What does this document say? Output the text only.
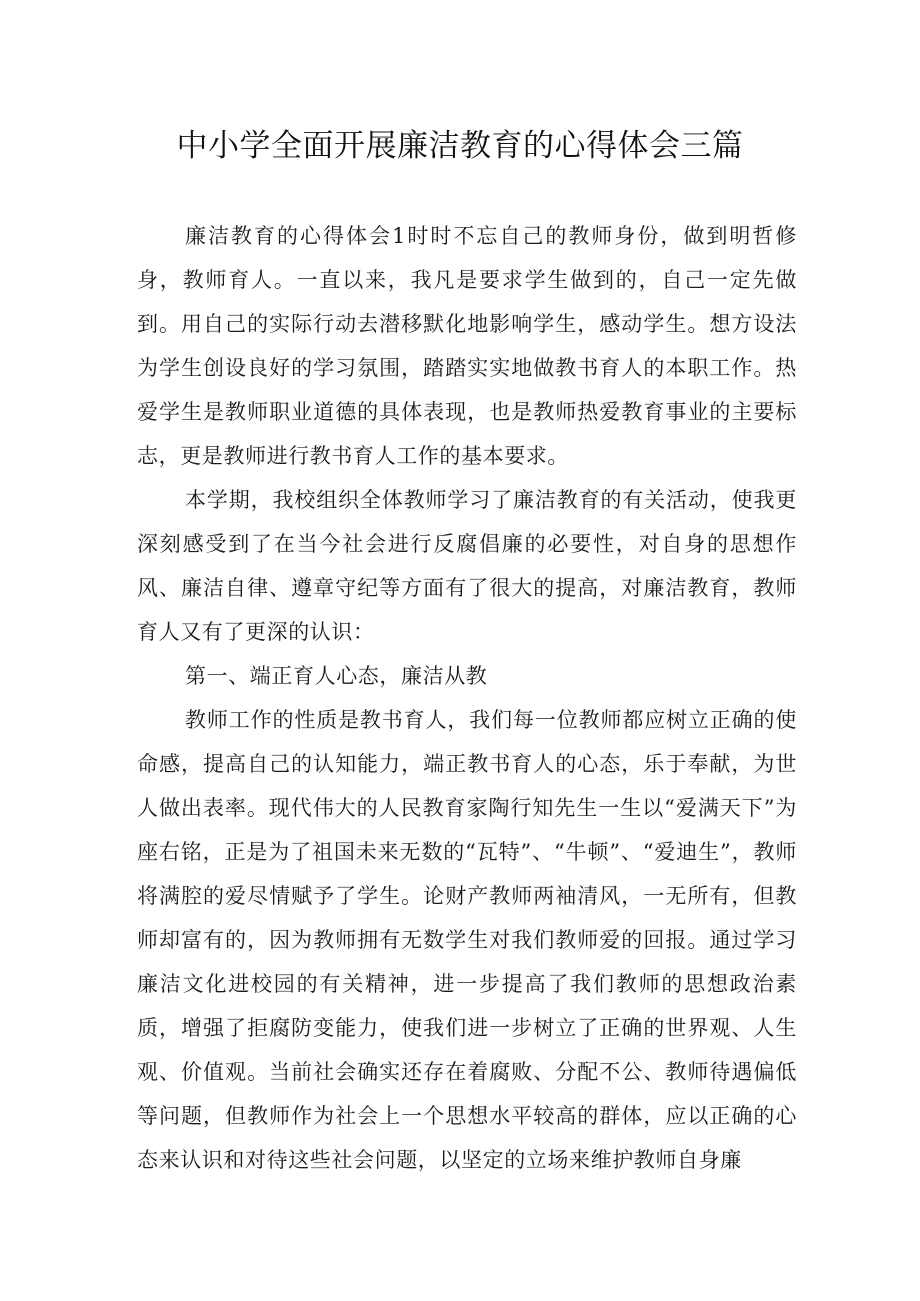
中小学全面开展廉洁教育的心得体会三篇

廉洁教育的心得体会1时时不忘自己的教师身份，做到明哲修身，教师育人。一直以来，我凡是要求学生做到的，自己一定先做到。用自己的实际行动去潜移默化地影响学生，感动学生。想方设法为学生创设良好的学习氛围，踏踏实实地做教书育人的本职工作。热爱学生是教师职业道德的具体表现，也是教师热爱教育事业的主要标志，更是教师进行教书育人工作的基本要求。

本学期，我校组织全体教师学习了廉洁教育的有关活动，使我更深刻感受到了在当今社会进行反腐倡廉的必要性，对自身的思想作风、廉洁自律、遵章守纪等方面有了很大的提高，对廉洁教育，教师育人又有了更深的认识：

第一、端正育人心态，廉洁从教

教师工作的性质是教书育人，我们每一位教师都应树立正确的使命感，提高自己的认知能力，端正教书育人的心态，乐于奉献，为世人做出表率。现代伟大的人民教育家陶行知先生一生以“爱满天下”为座右铭，正是为了祖国未来无数的“瓦特”、“牛顿”、“爱迪生”，教师将满腔的爱尽情赋予了学生。论财产教师两袖清风，一无所有，但教师却富有的，因为教师拥有无数学生对我们教师爱的回报。通过学习廉洁文化进校园的有关精神，进一步提高了我们教师的思想政治素质，增强了拒腐防变能力，使我们进一步树立了正确的世界观、人生观、价值观。当前社会确实还存在着腐败、分配不公、教师待遇偏低等问题，但教师作为社会上一个思想水平较高的群体，应以正确的心态来认识和对待这些社会问题，以坚定的立场来维护教师自身廉
